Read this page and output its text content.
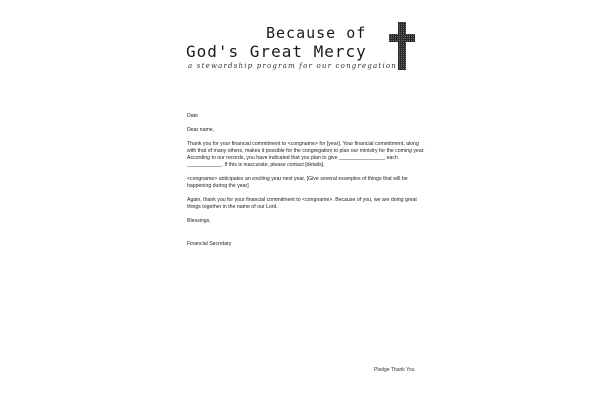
Because of
God's Great Mercy
a stewardship program for our congregation

Date

Dear name,

Thank you for your financial commitment to <congname> for [year]. Your financial commitment, along with that of many others, makes it possible for the congregation to plan our ministry for the coming year. According to our records, you have indicated that you plan to give ________________ each ____________. If this is inaccurate, please contact [details].

<congname> anticipates an exciting year next year. [Give several examples of things that will be happening during the year]

Again, thank you for your financial commitment to <congname>. Because of you, we are doing great things together in the name of our Lord.

Blessings,

Financial Secretary

Pledge Thank You
